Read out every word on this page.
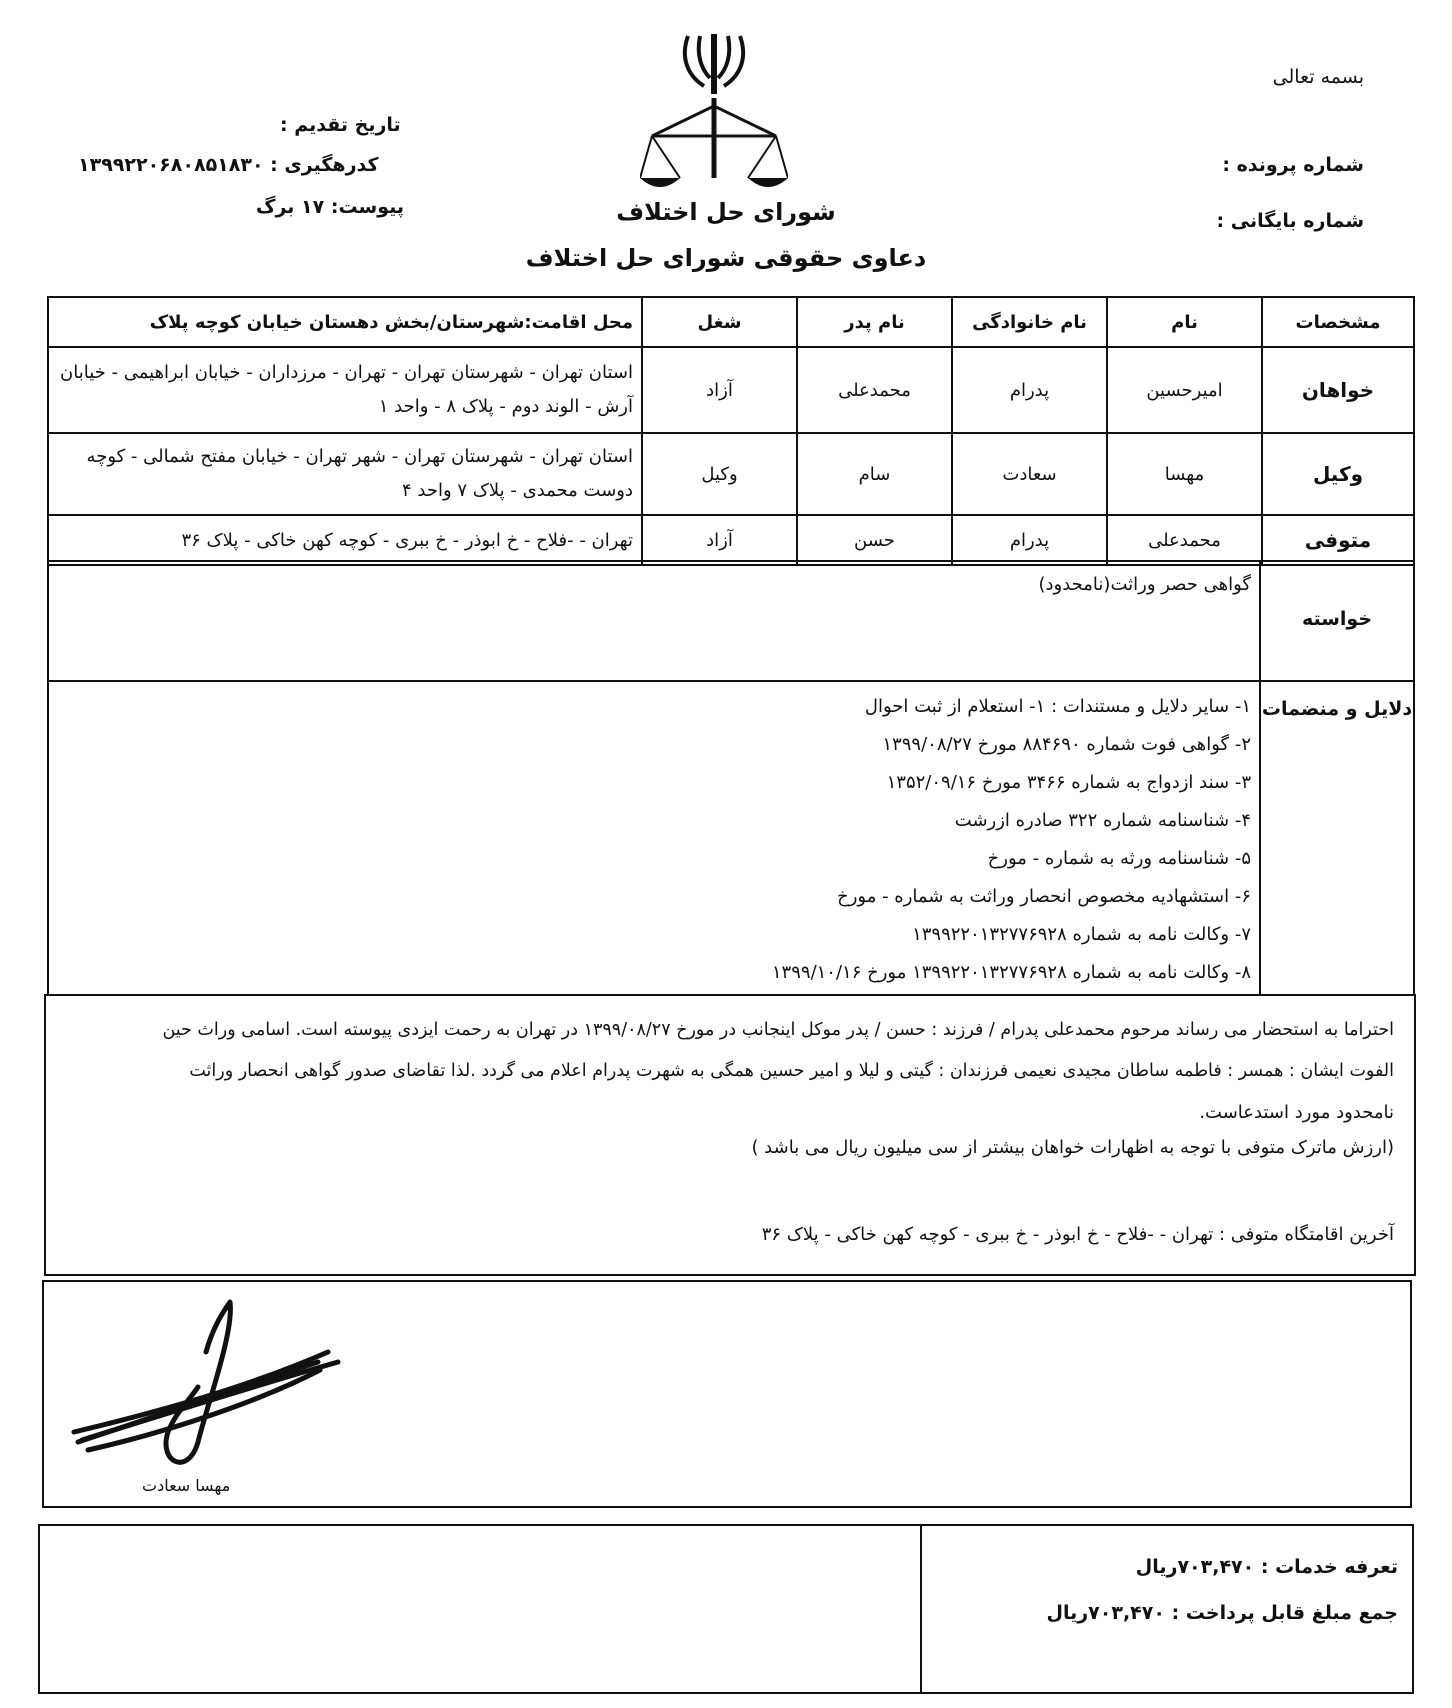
بسمه تعالی
شماره پرونده :
شماره بایگانی :
تاریخ تقدیم :
کدرهگیری : ۱۳۹۹۲۲۰۶۸۰۸۵۱۸۳۰
پیوست: ۱۷ برگ	شورای حل اختلاف
دعاوی حقوقی شورای حل اختلاف
مشخصات	نام	نام خانوادگی	نام پدر	شغل	محل اقامت:شهرستان/بخش دهستان خیابان کوچه پلاک
خواهان	امیرحسین	پدرام	محمدعلی	آزاد	استان تهران - شهرستان تهران - تهران - مرزداران - خیابان ابراهیمی - خیابان آرش - الوند دوم - پلاک ۸ - واحد ۱
وکیل	مهسا	سعادت	سام	وکیل	استان تهران - شهرستان تهران - شهر تهران - خیابان مفتح شمالی - کوچه دوست محمدی - پلاک ۷ واحد ۴
متوفی	محمدعلی	پدرام	حسن	آزاد	تهران - -فلاح - خ ابوذر - خ ببری - کوچه کهن خاکی - پلاک ۳۶
خواسته
گواهی حصر وراثت(نامحدود)
دلایل و منضمات
۱- سایر دلایل و مستندات : ۱- استعلام از ثبت احوال
۲- گواهی فوت شماره ۸۸۴۶۹۰ مورخ ۱۳۹۹/۰۸/۲۷
۳- سند ازدواج به شماره ۳۴۶۶ مورخ ۱۳۵۲/۰۹/۱۶
۴- شناسنامه شماره ۳۲۲ صادره ازرشت
۵- شناسنامه ورثه به شماره - مورخ
۶- استشهادیه مخصوص انحصار وراثت به شماره - مورخ
۷- وکالت نامه به شماره ۱۳۹۹۲۲۰۱۳۲۷۷۶۹۲۸
۸- وکالت نامه به شماره ۱۳۹۹۲۲۰۱۳۲۷۷۶۹۲۸ مورخ ۱۳۹۹/۱۰/۱۶
احتراما به استحضار می رساند مرحوم محمدعلی پدرام / فرزند : حسن / پدر موکل اینجانب در مورخ ۱۳۹۹/۰۸/۲۷ در تهران به رحمت ایزدی پیوسته است. اسامی وراث حین
الفوت ایشان : همسر : فاطمه ساطان مجیدی نعیمی فرزندان : گیتی و لیلا و امیر حسین همگی به شهرت پدرام اعلام می گردد .لذا تقاضای صدور گواهی انحصار وراثت
نامحدود مورد استدعاست.
(ارزش ماترک متوفی با توجه به اظهارات خواهان بیشتر از سی میلیون ریال می باشد )
آخرین اقامتگاه متوفی : تهران - -فلاح - خ ابوذر - خ ببری - کوچه کهن خاکی - پلاک ۳۶
مهسا سعادت
تعرفه خدمات : ۷۰۳,۴۷۰ریال
جمع مبلغ قابل پرداخت : ۷۰۳,۴۷۰ریال
